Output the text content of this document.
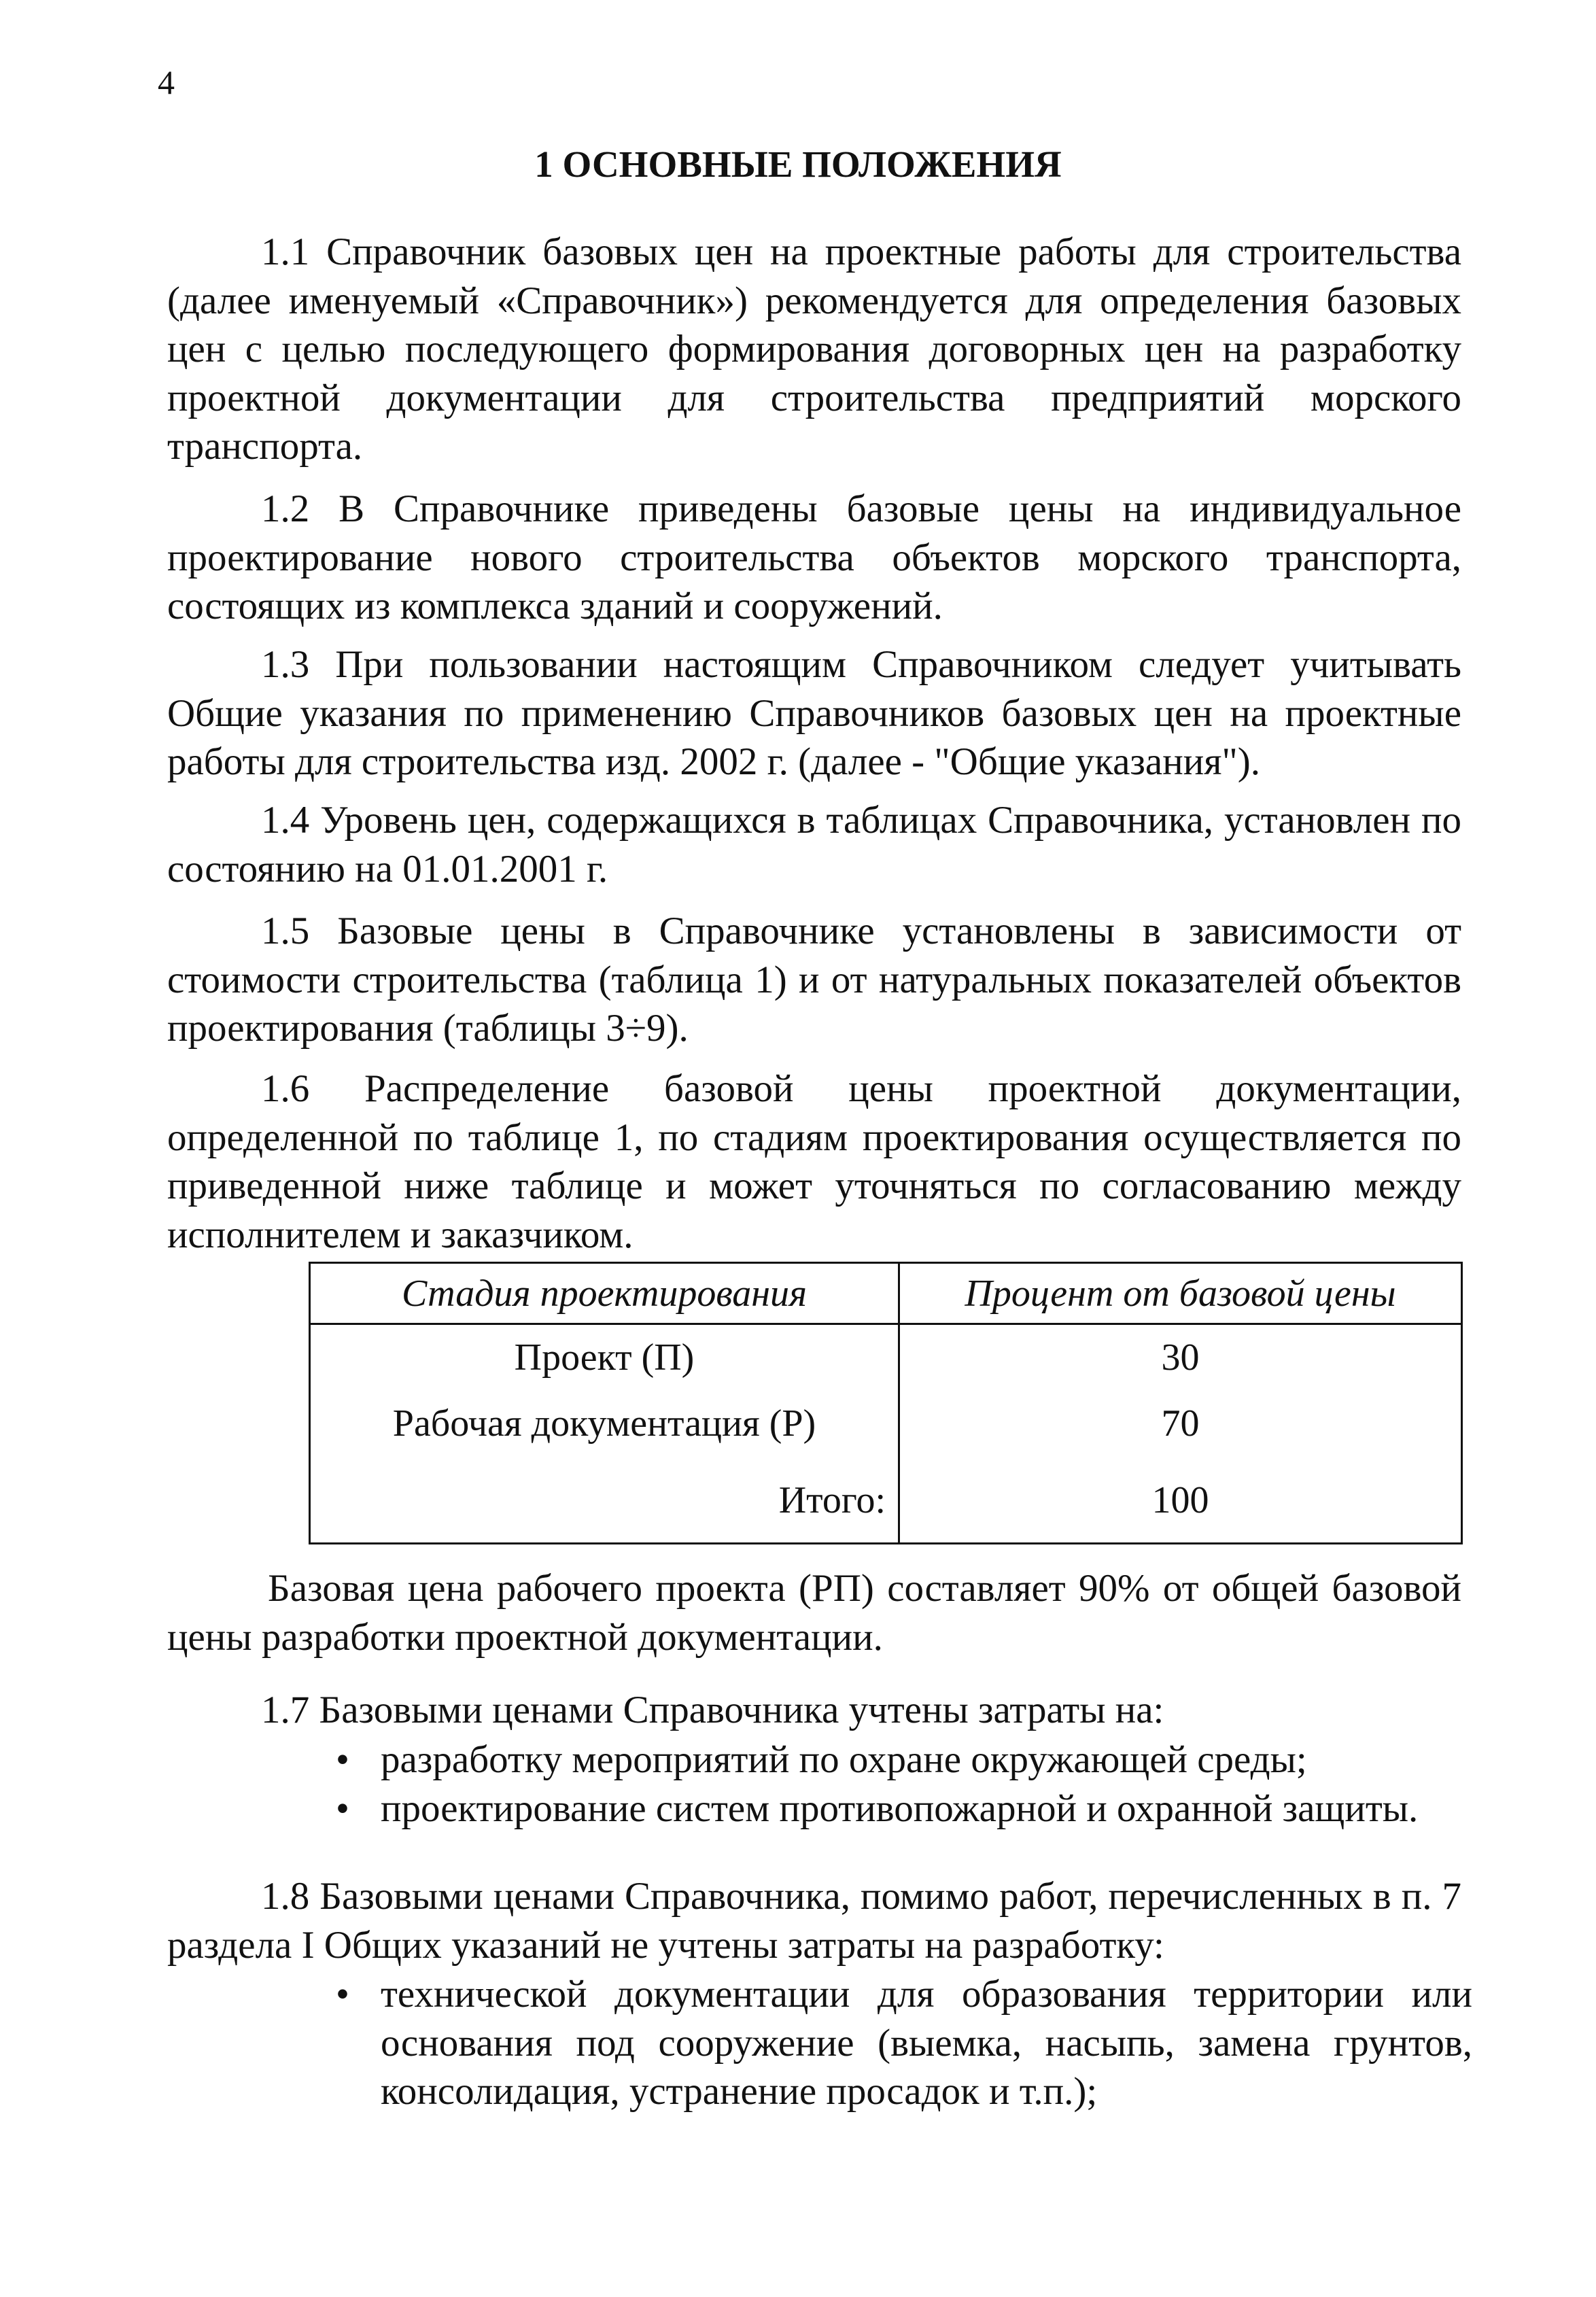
4
1 ОСНОВНЫЕ ПОЛОЖЕНИЯ

1.1 Справочник базовых цен на проектные работы для строительства (далее именуемый «Справочник») рекомендуется для определения базовых цен с целью последующего формирования договорных цен на разработку проектной документации для строительства предприятий морского транспорта.

1.2 В Справочнике приведены базовые цены на индивидуальное проектирование нового строительства объектов морского транспорта, состоящих из комплекса зданий и сооружений.

1.3 При пользовании настоящим Справочником следует учитывать Общие указания по применению Справочников базовых цен на проектные работы для строительства изд. 2002 г. (далее - "Общие указания").

1.4 Уровень цен, содержащихся в таблицах Справочника, установлен по состоянию на 01.01.2001 г.

1.5 Базовые цены в Справочнике установлены в зависимости от стоимости строительства (таблица 1) и от натуральных показателей объектов проектирования (таблицы 3÷9).

1.6 Распределение базовой цены проектной документации, определенной по таблице 1, по стадиям проектирования осуществляется по приведенной ниже таблице и может уточняться по согласованию между исполнителем и заказчиком.

Стадия проектирования	Процент от базовой цены
Проект (П)	30
Рабочая документация (Р)	70
Итого:	100

Базовая цена рабочего проекта (РП) составляет 90% от общей базовой цены разработки проектной документации.

1.7 Базовыми ценами Справочника учтены затраты на:

• разработку мероприятий по охране окружающей среды;
• проектирование систем противопожарной и охранной защиты.

1.8 Базовыми ценами Справочника, помимо работ, перечисленных в п. 7 раздела I Общих указаний не учтены затраты на разработку:

• технической документации для образования территории или основания под сооружение (выемка, насыпь, замена грунтов, консолидация, устранение просадок и т.п.);
